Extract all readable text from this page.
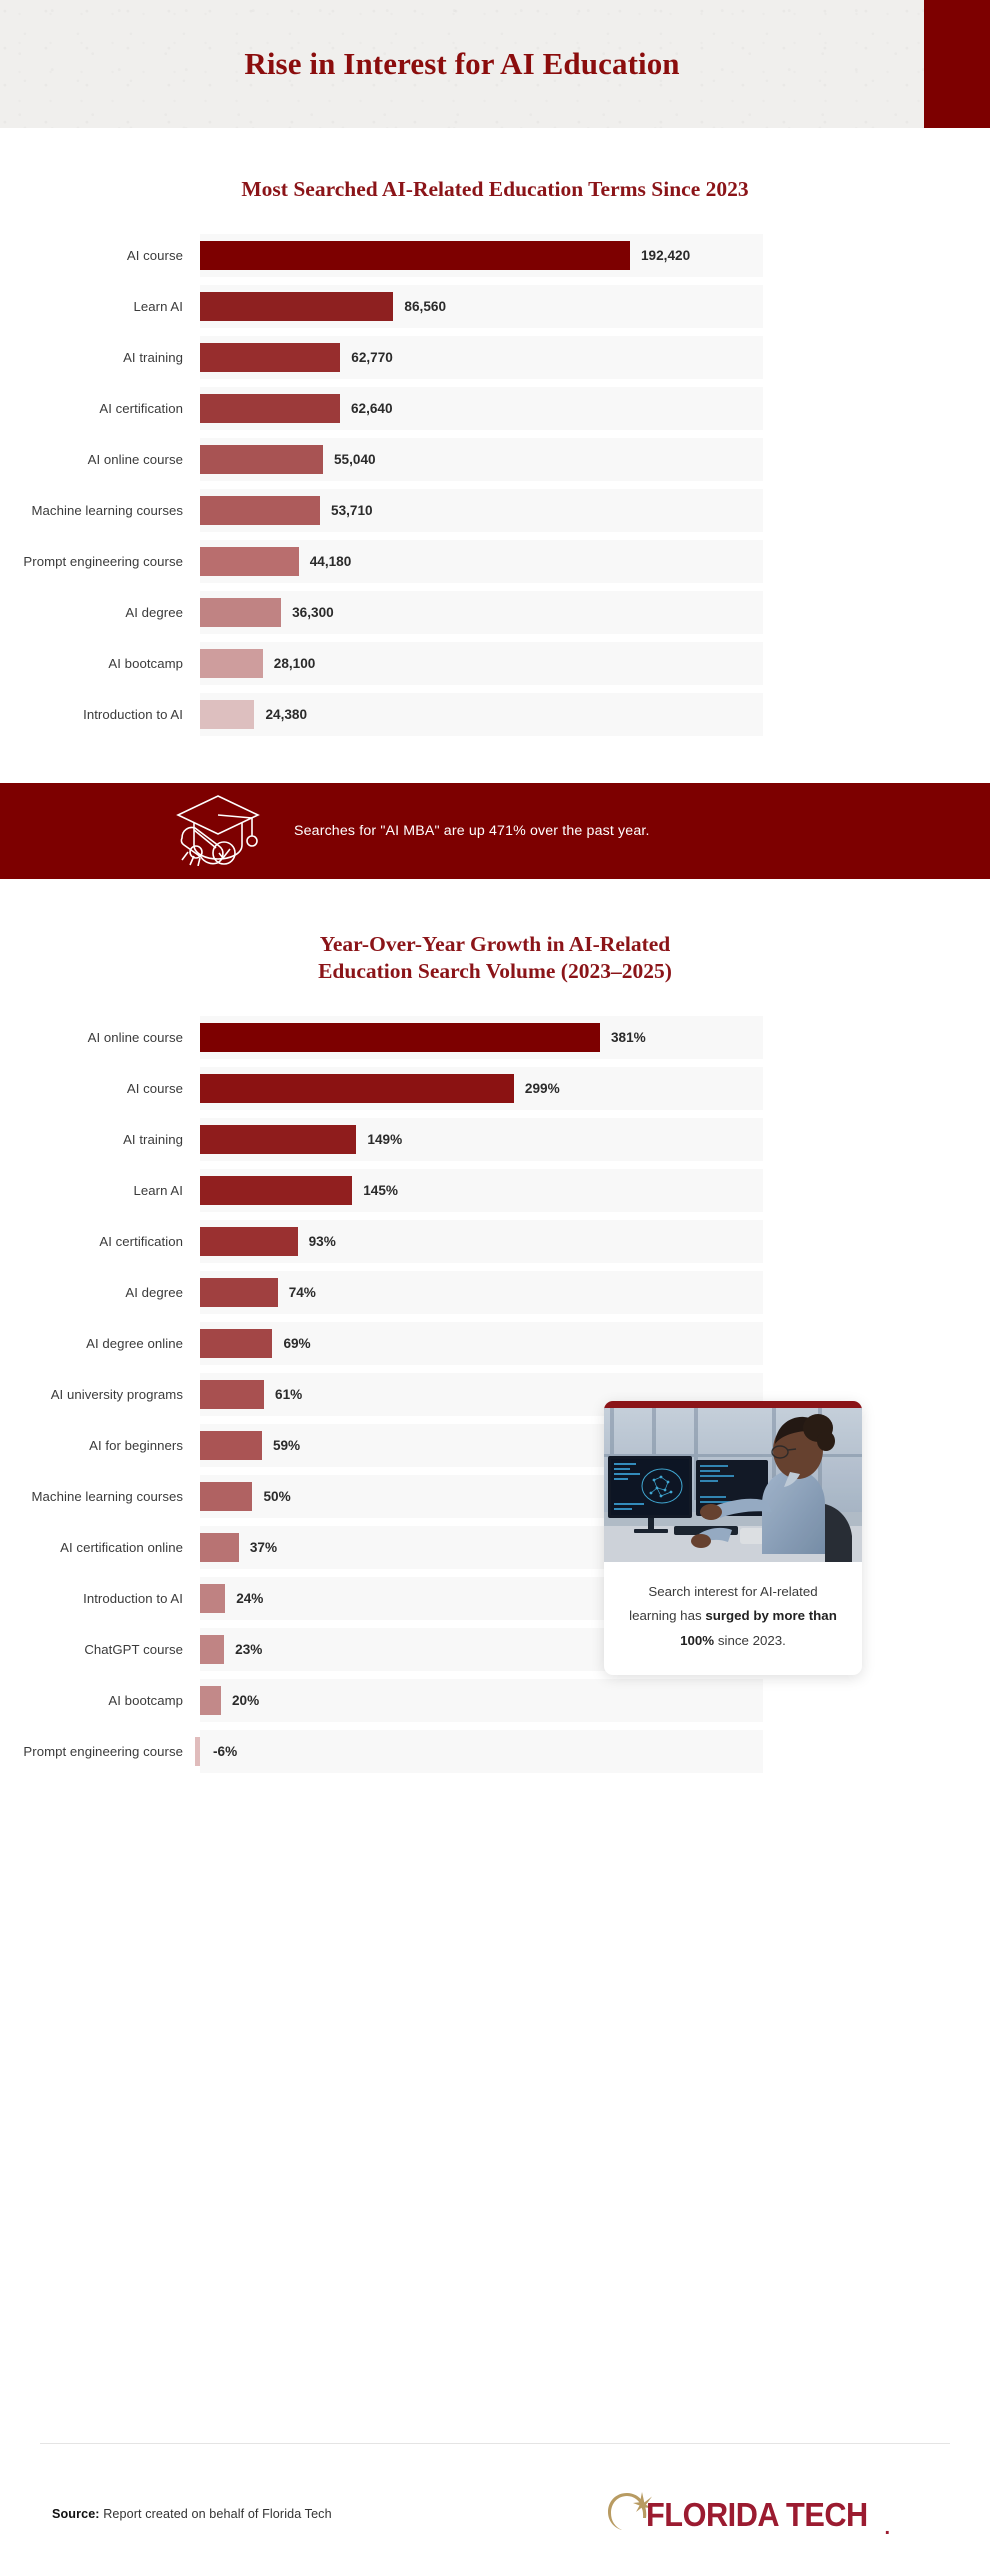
Rise in Interest for AI Education
Most Searched AI-Related Education Terms Since 2023
AI course	192,420
Learn AI	86,560
AI training	62,770
AI certification	62,640
AI online course	55,040
Machine learning courses	53,710
Prompt engineering course	44,180
AI degree	36,300
AI bootcamp	28,100
Introduction to AI	24,380
Searches for "AI MBA" are up 471% over the past year.
Year-Over-Year Growth in AI-Related
Education Search Volume (2023–2025)
Search interest for AI-related learning has surged by more than 100% since 2023.
AI online course	381%
AI course	299%
AI training	149%
Learn AI	145%
AI certification	93%
AI degree	74%
AI degree online	69%
AI university programs	61%
AI for beginners	59%
Machine learning courses	50%
AI certification online	37%
Introduction to AI	24%
ChatGPT course	23%
AI bootcamp	20%
Prompt engineering course	-6%
Source: Report created on behalf of Florida Tech	FLORIDA TECH .
